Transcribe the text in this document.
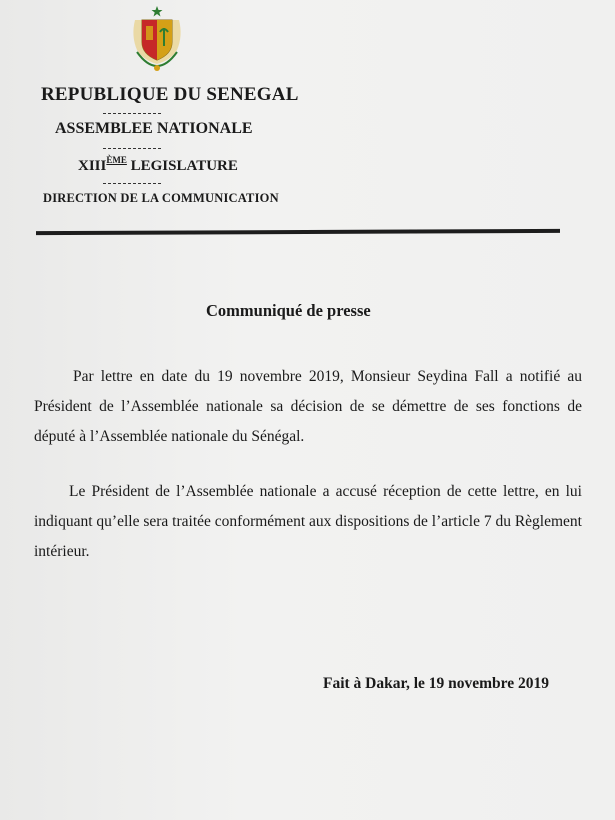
REPUBLIQUE DU SENEGAL
ASSEMBLEE NATIONALE
XIIIÈME LEGISLATURE
DIRECTION DE LA COMMUNICATION
Communiqué de presse
Par lettre en date du 19 novembre 2019, Monsieur Seydina Fall a notifié au Président de l’Assemblée nationale sa décision de se démettre de ses fonctions de député à l’Assemblée nationale du Sénégal.
Le Président de l’Assemblée nationale a accusé réception de cette lettre, en lui indiquant qu’elle sera traitée conformément aux dispositions de l’article 7 du Règlement intérieur.
Fait à Dakar, le 19 novembre 2019
